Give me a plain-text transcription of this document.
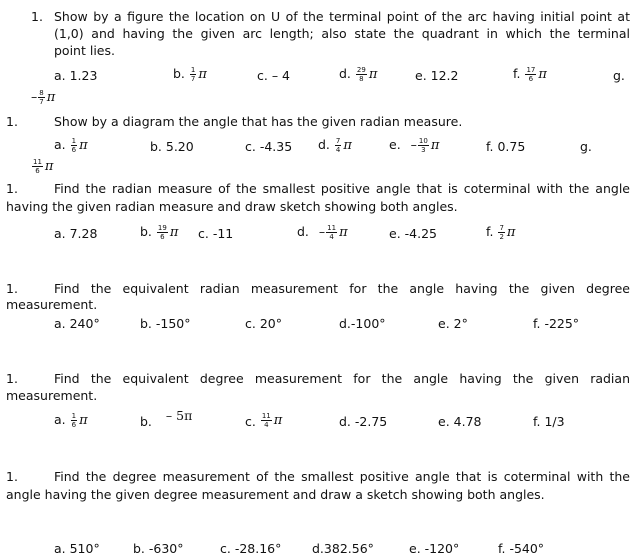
1. Show by a figure the location on U of the terminal point of the arc having initial point at
(1,0) and having the given arc length; also state the quadrant in which the terminal
point lies.
a. 1.23	b. $\frac{1}{7}$ π	c. – 4	d. $\frac{29}{8}$ π	e. 12.2	f. $\frac{17}{6}$ π	g.
– $\frac{8}{7}$ π
1.	Show by a diagram the angle that has the given radian measure.
a. $\frac{1}{6}$ π	b. 5.20	c. -4.35 d. $\frac{7}{4}$ π	e. – $\frac{10}{3}$ π	f. 0.75	g.
$\frac{11}{6}$ π
1.	Find the radian measure of the smallest positive angle that is coterminal with the angle
having the given radian measure and draw sketch showing both angles.
a. 7.28	b. $\frac{19}{6}$ π c. -11	d. – $\frac{11}{4}$ π	e. -4.25	f. $\frac{7}{2}$ π
1.	Find the equivalent radian measurement for the angle having the given degree
measurement.
a. 240°	b. -150°	c. 20°	d.-100°	e. 2°	f. -225°
1.	Find the equivalent degree measurement for the angle having the given radian
measurement.
a. $\frac{1}{6}$ π	b. – 5π	c. $\frac{11}{4}$ π	d. -2.75	e. 4.78	f. 1/3
1.	Find the degree measurement of the smallest positive angle that is coterminal with the
angle having the given degree measurement and draw a sketch showing both angles.
a. 510°	b. -630°	c. -28.16° d.382.56°	e. -120°	f. -540°
